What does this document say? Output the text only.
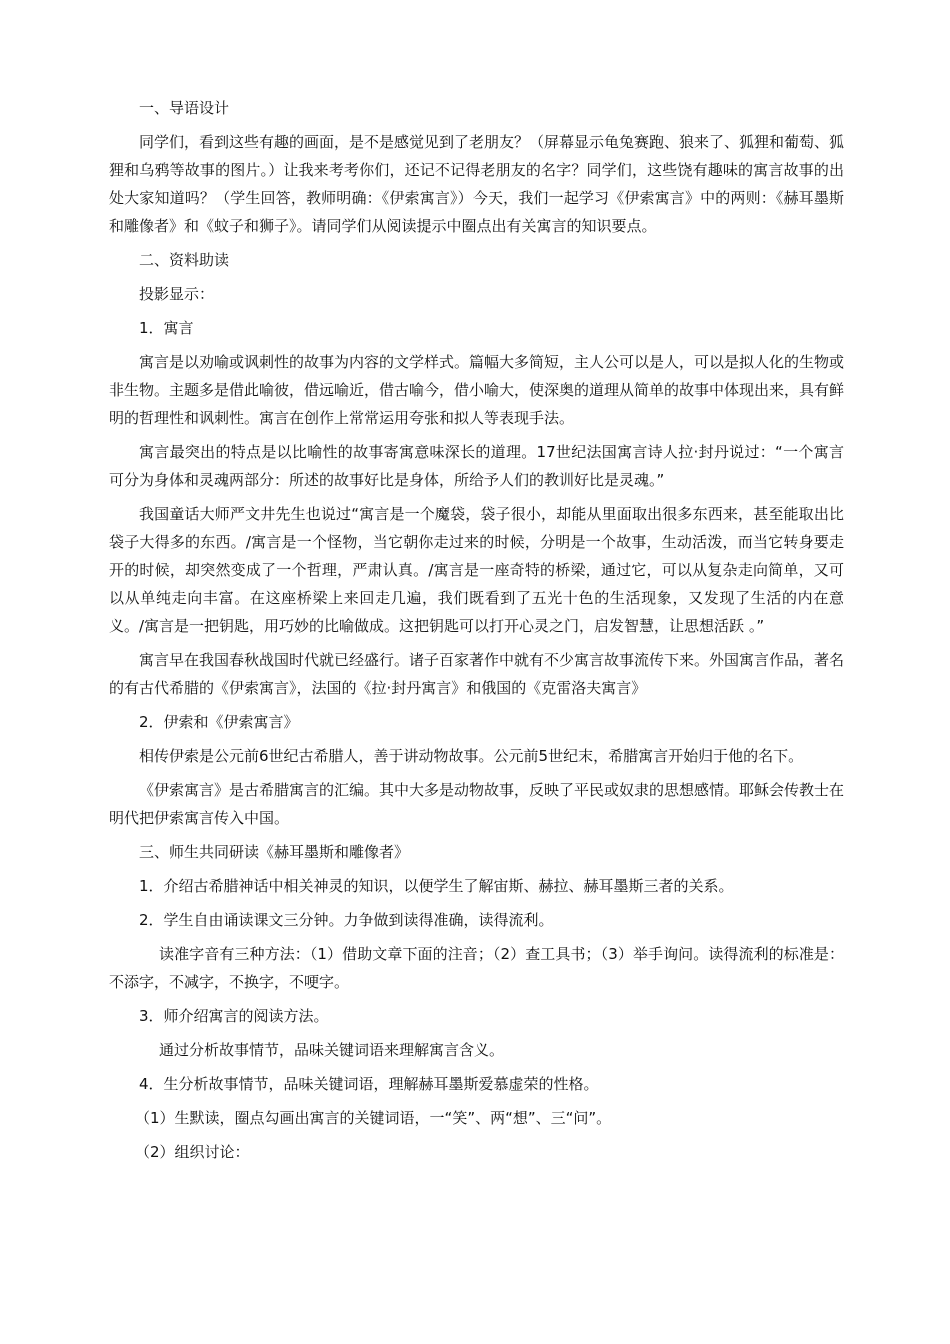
一、导语设计
同学们，看到这些有趣的画面，是不是感觉见到了老朋友？（屏幕显示龟兔赛跑、狼来了、狐狸和葡萄、狐狸和乌鸦等故事的图片。）让我来考考你们，还记不记得老朋友的名字？同学们，这些饶有趣味的寓言故事的出处大家知道吗？（学生回答，教师明确：《伊索寓言》）今天，我们一起学习《伊索寓言》中的两则：《赫耳墨斯和雕像者》和《蚊子和狮子》。请同学们从阅读提示中圈点出有关寓言的知识要点。
二、资料助读
投影显示：
1．寓言
寓言是以劝喻或讽刺性的故事为内容的文学样式。篇幅大多简短，主人公可以是人，可以是拟人化的生物或非生物。主题多是借此喻彼，借远喻近，借古喻今，借小喻大，使深奥的道理从简单的故事中体现出来，具有鲜明的哲理性和讽刺性。寓言在创作上常常运用夸张和拟人等表现手法。
寓言最突出的特点是以比喻性的故事寄寓意味深长的道理。17世纪法国寓言诗人拉·封丹说过：“一个寓言可分为身体和灵魂两部分：所述的故事好比是身体，所给予人们的教训好比是灵魂。”
我国童话大师严文井先生也说过“寓言是一个魔袋，袋子很小，却能从里面取出很多东西来，甚至能取出比袋子大得多的东西。/寓言是一个怪物，当它朝你走过来的时候，分明是一个故事，生动活泼，而当它转身要走开的时候，却突然变成了一个哲理，严肃认真。/寓言是一座奇特的桥梁，通过它，可以从复杂走向简单，又可以从单纯走向丰富。在这座桥梁上来回走几遍，我们既看到了五光十色的生活现象，又发现了生活的内在意义。/寓言是一把钥匙，用巧妙的比喻做成。这把钥匙可以打开心灵之门，启发智慧，让思想活跃 。”
寓言早在我国春秋战国时代就已经盛行。诸子百家著作中就有不少寓言故事流传下来。外国寓言作品，著名的有古代希腊的《伊索寓言》，法国的《拉·封丹寓言》和俄国的《克雷洛夫寓言》
2．伊索和《伊索寓言》
相传伊索是公元前6世纪古希腊人，善于讲动物故事。公元前5世纪末，希腊寓言开始归于他的名下。
《伊索寓言》是古希腊寓言的汇编。其中大多是动物故事，反映了平民或奴隶的思想感情。耶稣会传教士在明代把伊索寓言传入中国。
三、师生共同研读《赫耳墨斯和雕像者》
1．介绍古希腊神话中相关神灵的知识，以便学生了解宙斯、赫拉、赫耳墨斯三者的关系。
2．学生自由诵读课文三分钟。力争做到读得准确，读得流利。
读准字音有三种方法：（1）借助文章下面的注音；（2）查工具书；（3）举手询问。读得流利的标准是：不添字，不减字，不换字，不哽字。
3．师介绍寓言的阅读方法。
通过分析故事情节，品味关键词语来理解寓言含义。
4．生分析故事情节，品味关键词语，理解赫耳墨斯爱慕虚荣的性格。
（1）生默读，圈点勾画出寓言的关键词语，一“笑”、两“想”、三“问”。
（2）组织讨论：
